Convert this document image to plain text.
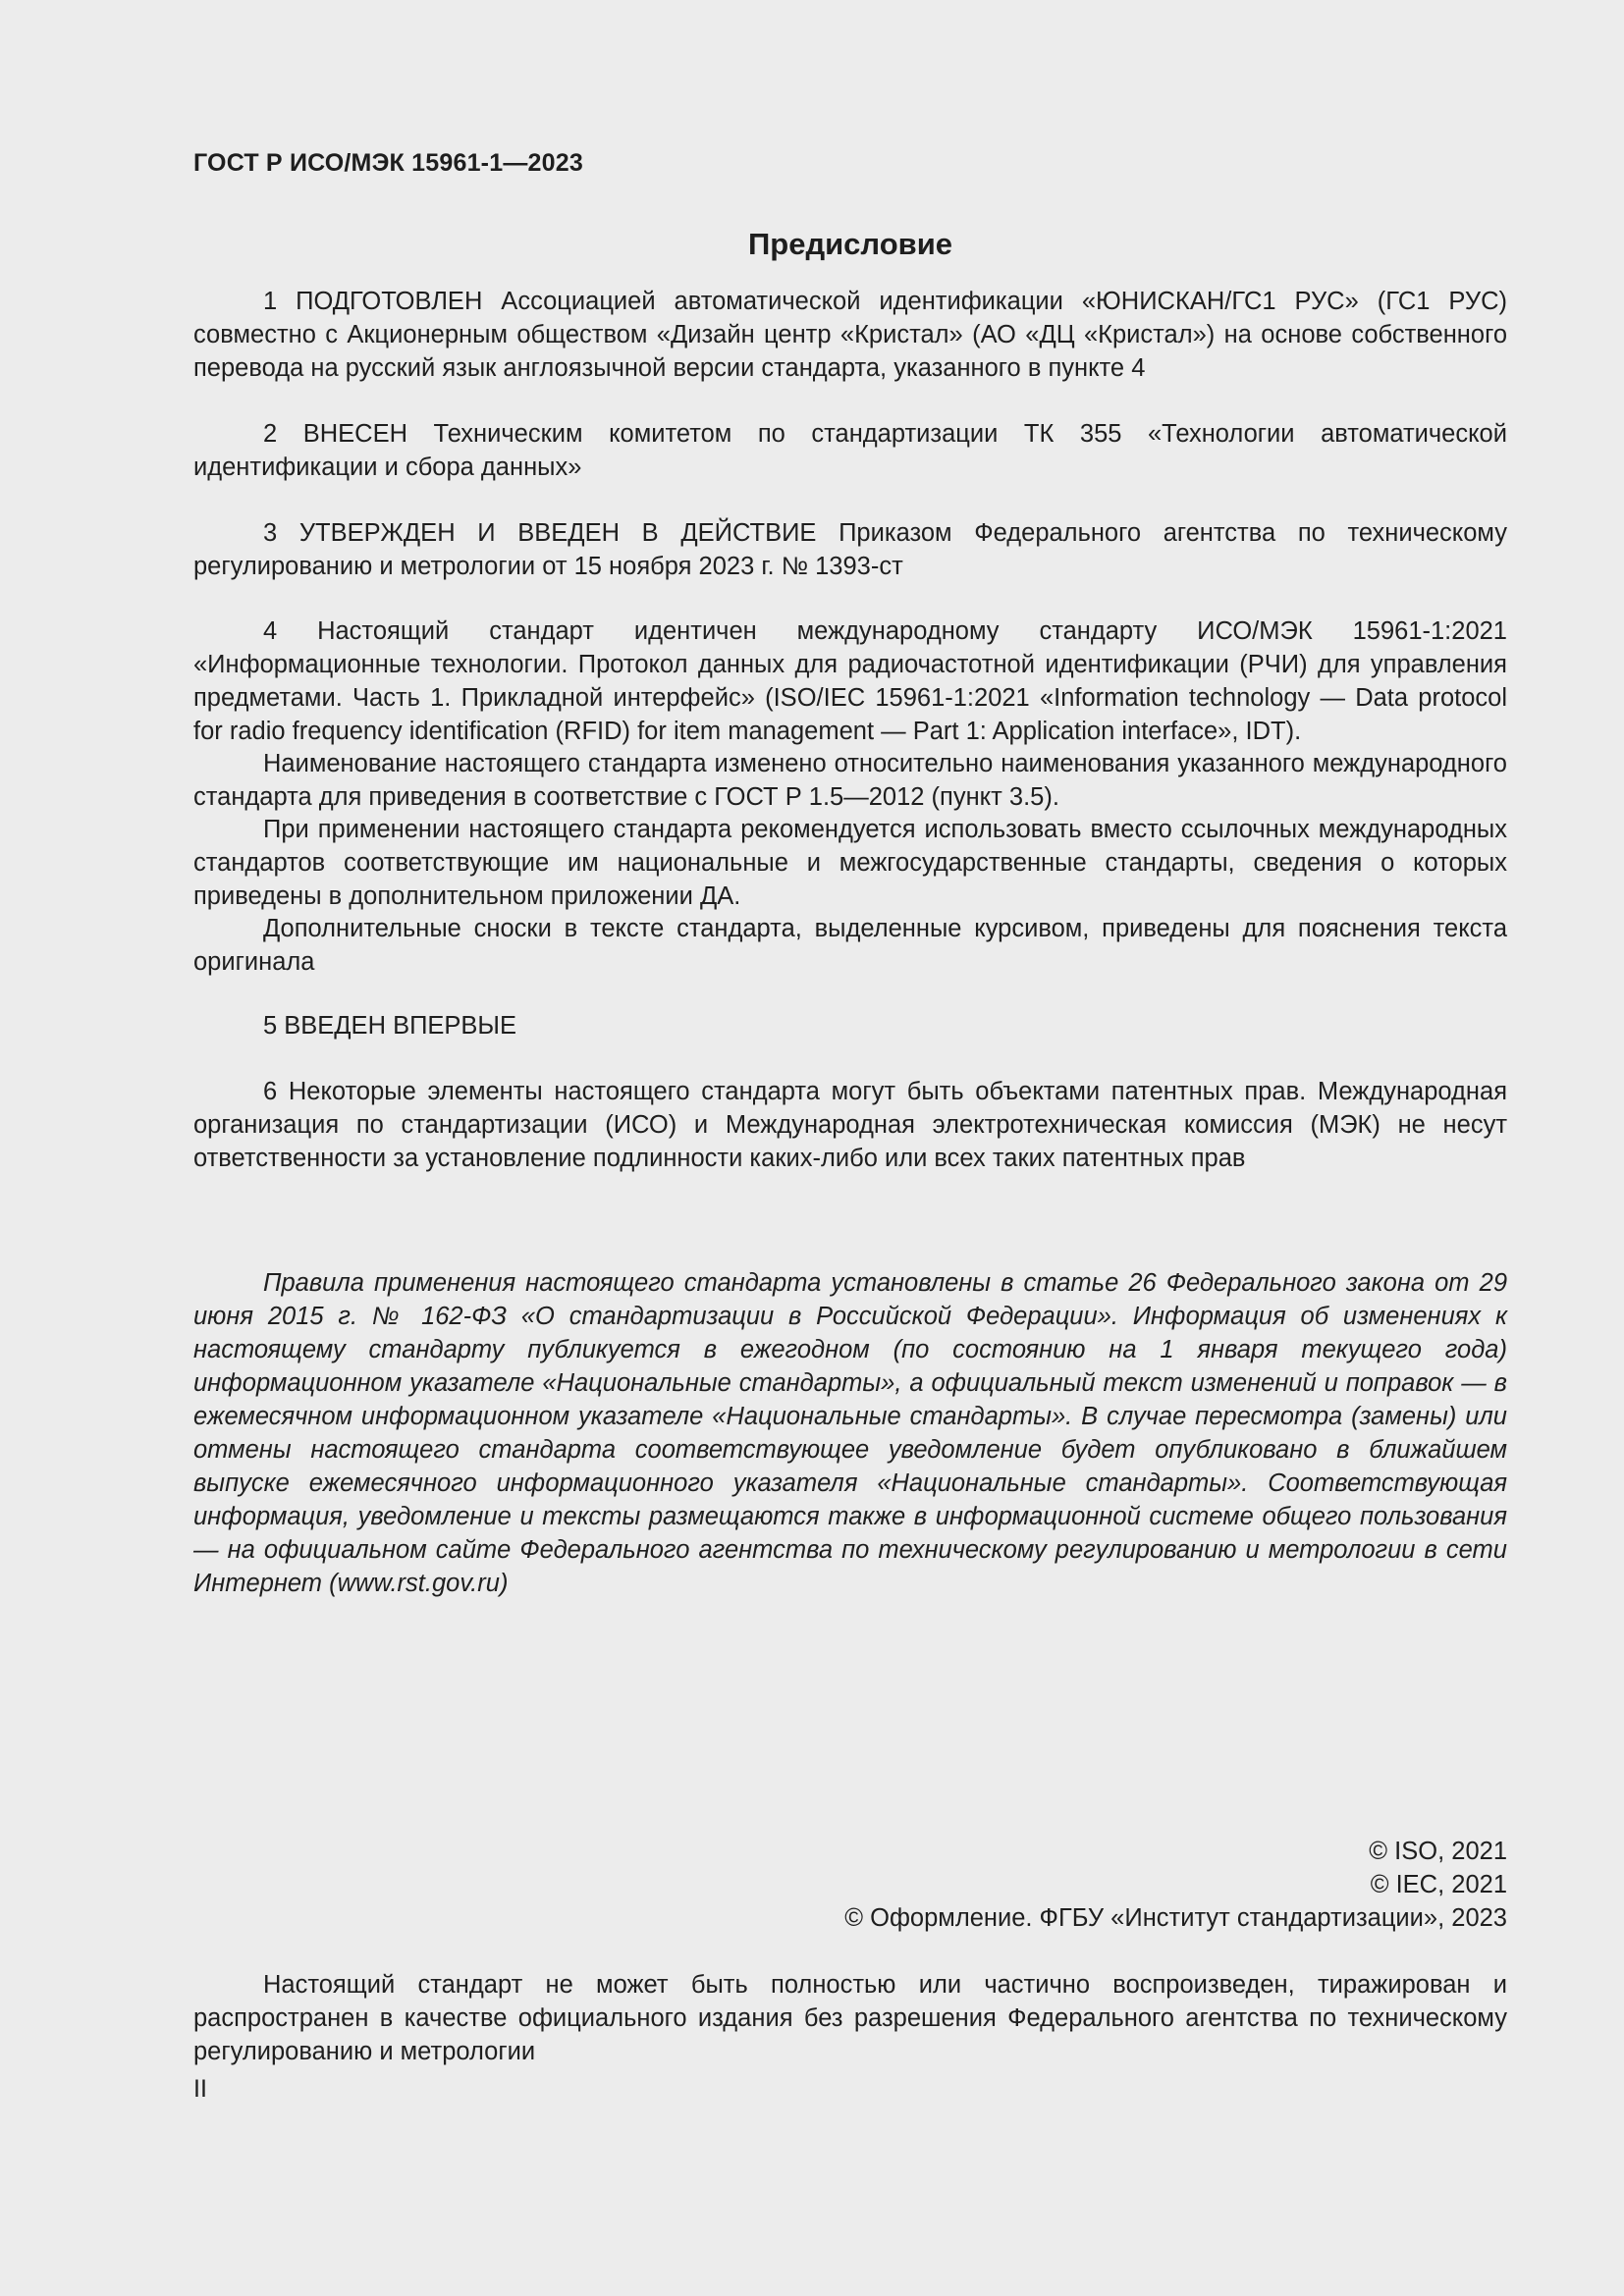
ГОСТ Р ИСО/МЭК 15961-1—2023
Предисловие

1 ПОДГОТОВЛЕН Ассоциацией автоматической идентификации «ЮНИСКАН/ГС1 РУС» (ГС1 РУС) совместно с Акционерным обществом «Дизайн центр «Кристал» (АО «ДЦ «Кристал») на основе собственного перевода на русский язык англоязычной версии стандарта, указанного в пункте 4

2 ВНЕСЕН Техническим комитетом по стандартизации ТК 355 «Технологии автоматической идентификации и сбора данных»

3 УТВЕРЖДЕН И ВВЕДЕН В ДЕЙСТВИЕ Приказом Федерального агентства по техническому регулированию и метрологии от 15 ноября 2023 г. № 1393-ст

4 Настоящий стандарт идентичен международному стандарту ИСО/МЭК 15961-1:2021 «Информационные технологии. Протокол данных для радиочастотной идентификации (РЧИ) для управления предметами. Часть 1. Прикладной интерфейс» (ISO/IEC 15961-1:2021 «Information technology — Data protocol for radio frequency identification (RFID) for item management — Part 1: Application interface», IDT).

Наименование настоящего стандарта изменено относительно наименования указанного международного стандарта для приведения в соответствие с ГОСТ Р 1.5—2012 (пункт 3.5).

При применении настоящего стандарта рекомендуется использовать вместо ссылочных международных стандартов соответствующие им национальные и межгосударственные стандарты, сведения о которых приведены в дополнительном приложении ДА.

Дополнительные сноски в тексте стандарта, выделенные курсивом, приведены для пояснения текста оригинала

5 ВВЕДЕН ВПЕРВЫЕ

6 Некоторые элементы настоящего стандарта могут быть объектами патентных прав. Международная организация по стандартизации (ИСО) и Международная электротехническая комиссия (МЭК) не несут ответственности за установление подлинности каких-либо или всех таких патентных прав

Правила применения настоящего стандарта установлены в статье 26 Федерального закона от 29 июня 2015 г. № 162-ФЗ «О стандартизации в Российской Федерации». Информация об изменениях к настоящему стандарту публикуется в ежегодном (по состоянию на 1 января текущего года) информационном указателе «Национальные стандарты», а официальный текст изменений и поправок — в ежемесячном информационном указателе «Национальные стандарты». В случае пересмотра (замены) или отмены настоящего стандарта соответствующее уведомление будет опубликовано в ближайшем выпуске ежемесячного информационного указателя «Национальные стандарты». Соответствующая информация, уведомление и тексты размещаются также в информационной системе общего пользования — на официальном сайте Федерального агентства по техническому регулированию и метрологии в сети Интернет (www.rst.gov.ru)

© ISO, 2021
© IEC, 2021
© Оформление. ФГБУ «Институт стандартизации», 2023

Настоящий стандарт не может быть полностью или частично воспроизведен, тиражирован и распространен в качестве официального издания без разрешения Федерального агентства по техническому регулированию и метрологии

II
